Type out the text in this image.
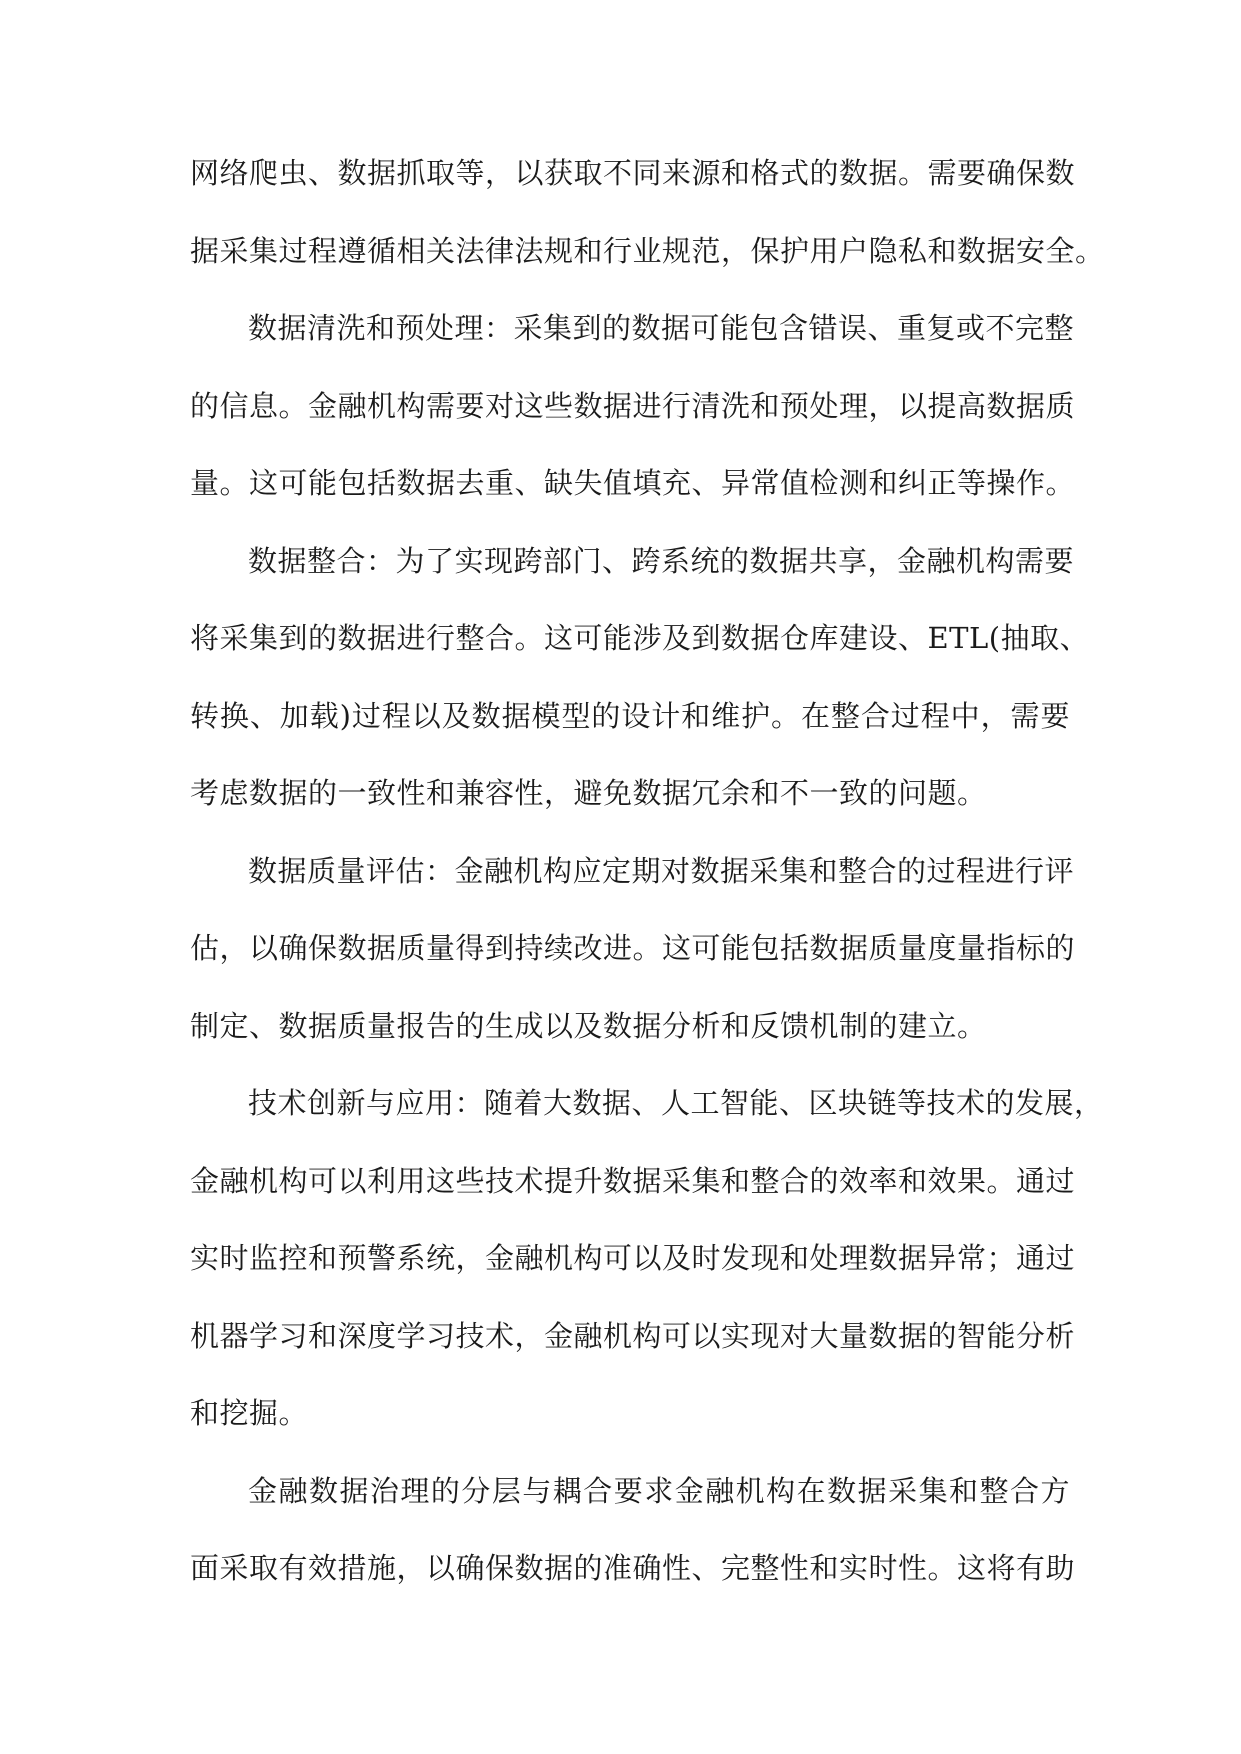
网络爬虫、数据抓取等，以获取不同来源和格式的数据。需要确保数
据采集过程遵循相关法律法规和行业规范，保护用户隐私和数据安全。
数据清洗和预处理：采集到的数据可能包含错误、重复或不完整
的信息。金融机构需要对这些数据进行清洗和预处理，以提高数据质
量。这可能包括数据去重、缺失值填充、异常值检测和纠正等操作。
数据整合：为了实现跨部门、跨系统的数据共享，金融机构需要
将采集到的数据进行整合。这可能涉及到数据仓库建设、ETL(抽取、
转换、加载)过程以及数据模型的设计和维护。在整合过程中，需要
考虑数据的一致性和兼容性，避免数据冗余和不一致的问题。
数据质量评估：金融机构应定期对数据采集和整合的过程进行评
估，以确保数据质量得到持续改进。这可能包括数据质量度量指标的
制定、数据质量报告的生成以及数据分析和反馈机制的建立。
技术创新与应用：随着大数据、人工智能、区块链等技术的发展，
金融机构可以利用这些技术提升数据采集和整合的效率和效果。通过
实时监控和预警系统，金融机构可以及时发现和处理数据异常；通过
机器学习和深度学习技术，金融机构可以实现对大量数据的智能分析
和挖掘。
金融数据治理的分层与耦合要求金融机构在数据采集和整合方
面采取有效措施，以确保数据的准确性、完整性和实时性。这将有助
